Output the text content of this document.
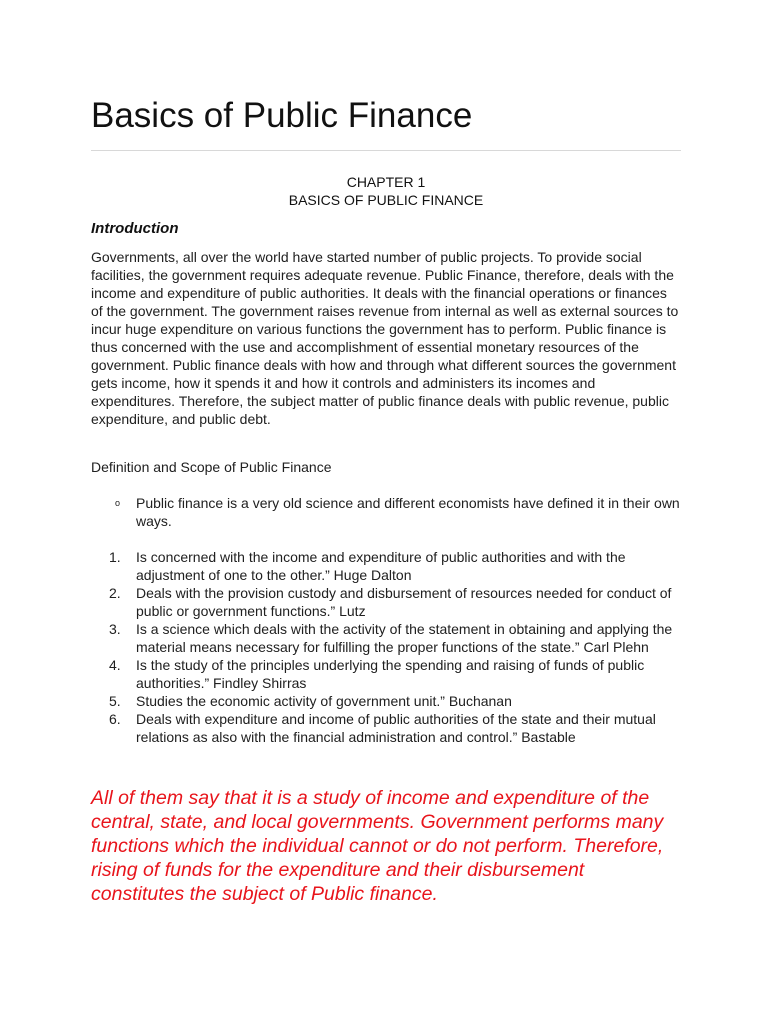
Basics of Public Finance
CHAPTER 1
BASICS OF PUBLIC FINANCE
Introduction

Governments, all over the world have started number of public projects. To provide social facilities, the government requires adequate revenue. Public Finance, therefore, deals with the income and expenditure of public authorities. It deals with the financial operations or finances of the government. The government raises revenue from internal as well as external sources to incur huge expenditure on various functions the government has to perform. Public finance is thus concerned with the use and accomplishment of essential monetary resources of the government. Public finance deals with how and through what different sources the government gets income, how it spends it and how it controls and administers its incomes and expenditures. Therefore, the subject matter of public finance deals with public revenue, public expenditure, and public debt.

Definition and Scope of Public Finance

o	Public finance is a very old science and different economists have defined it in their own ways.
1.	Is concerned with the income and expenditure of public authorities and with the adjustment of one to the other.” Huge Dalton
2.	Deals with the provision custody and disbursement of resources needed for conduct of public or government functions.” Lutz
3.	Is a science which deals with the activity of the statement in obtaining and applying the material means necessary for fulfilling the proper functions of the state.” Carl Plehn
4.	Is the study of the principles underlying the spending and raising of funds of public authorities.” Findley Shirras
5.	Studies the economic activity of government unit.” Buchanan
6.	Deals with expenditure and income of public authorities of the state and their mutual relations as also with the financial administration and control.” Bastable

All of them say that it is a study of income and expenditure of the central, state, and local governments. Government performs many functions which the individual cannot or do not perform. Therefore, rising of funds for the expenditure and their disbursement constitutes the subject of Public finance.
